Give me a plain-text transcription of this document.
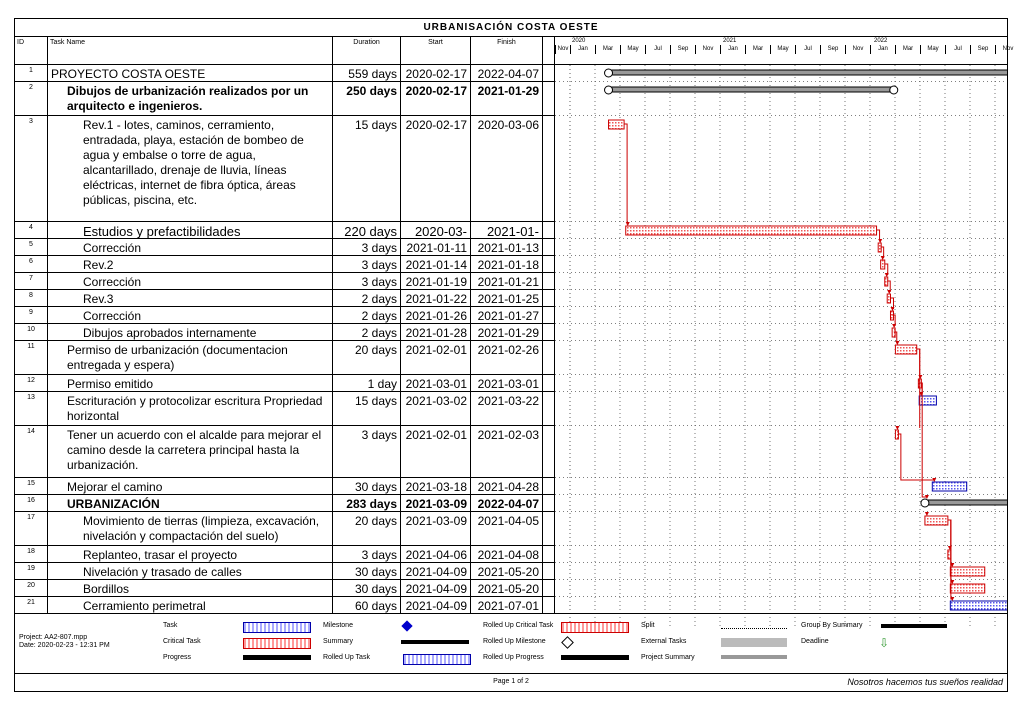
URBANISACIÓN COSTA OESTE
ID	Task Name	Duration	Start	Finish
1	PROYECTO COSTA OESTE	559 days 2020-02-17 2022-04-07
2	Dibujos de urbanización realizados por un arquitecto e ingenieros.
250 days 2020-02-17 2021-01-29
3	Rev.1 - lotes, caminos, cerramiento, entradada, playa, estación de bombeo de agua y embalse o torre de agua, alcantarillado, drenaje de lluvia, líneas eléctricas, internet de fibra óptica, áreas públicas, piscina, etc.
15 days 2020-02-17 2020-03-06
4	Estudios y prefactibilidades	220 days	2020-03-	2021-01-
5	Corrección	3 days 2021-01-11 2021-01-13
6	Rev.2	3 days 2021-01-14 2021-01-18
7	Corrección	3 days 2021-01-19 2021-01-21
8	Rev.3	2 days 2021-01-22 2021-01-25
9	Corrección	2 days 2021-01-26 2021-01-27
10	Dibujos aprobados internamente	2 days 2021-01-28 2021-01-29
11	Permiso de urbanización (documentacion entregada y espera)
20 days 2021-02-01 2021-02-26
12	Permiso emitido	1 day 2021-03-01 2021-03-01
13	Escrituración y protocolizar escritura Propriedad horizontal
15 days 2021-03-02 2021-03-22
14	Tener un acuerdo con el alcalde para mejorar el camino desde la carretera principal hasta la urbanización.
3 days 2021-02-01 2021-02-03
15	Mejorar el camino	30 days 2021-03-18 2021-04-28
16	URBANIZACIÓN	283 days 2021-03-09 2022-04-07
17	Movimiento de tierras (limpieza, excavación, nivelación y compactación del suelo)
20 days 2021-03-09 2021-04-05
18	Replanteo, trasar el proyecto	3 days 2021-04-06 2021-04-08
19	Nivelación y trasado de calles	30 days 2021-04-09 2021-05-20
20	Bordillos	30 days 2021-04-09 2021-05-20
21	Cerramiento perimetral	60 days 2021-04-09 2021-07-01
2020	2021	2022
Nov	Jan	Mar	May	Jul	Sep	Nov	Jan	Mar	May	Jul	Sep	Nov	Jan	Mar	May	Jul	Sep	Nov
Project: AA2-807.mpp
Date: 2020-02-23 - 12:31 PM
Task
Critical Task
Progress
Milestone
Summary
Rolled Up Task
Rolled Up Critical Task
Rolled Up Milestone
Rolled Up Progress
Split
External Tasks
Project Summary
Group By Summary
Deadline	⇩
Page 1 of 2	Nosotros hacemos tus sueños realidad
